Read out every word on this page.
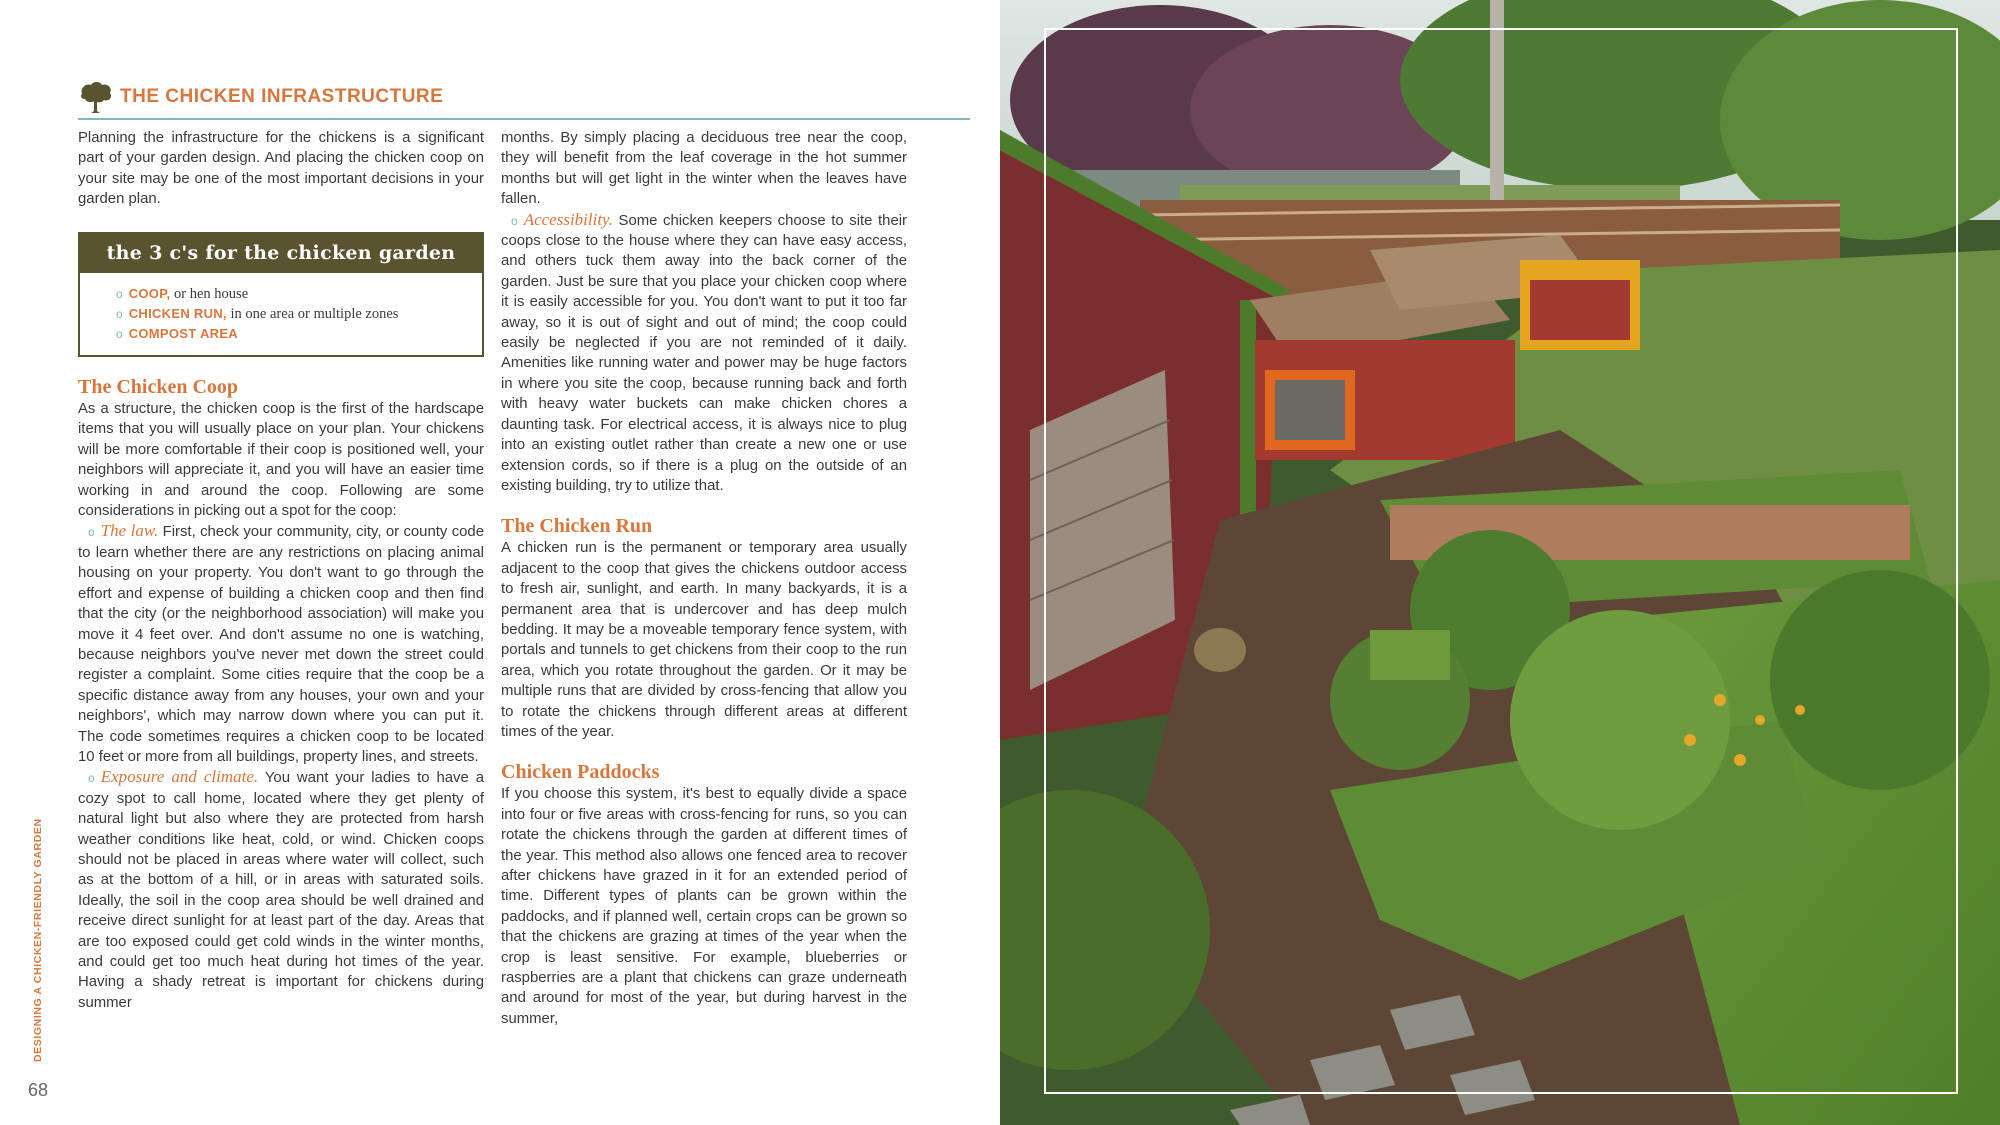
THE CHICKEN INFRASTRUCTURE

Planning the infrastructure for the chickens is a significant part of your garden design. And placing the chicken coop on your site may be one of the most important decisions in your garden plan.

the 3 c's for the chicken garden
o COOP, or hen house
o CHICKEN RUN, in one area or multiple zones
o COMPOST AREA
The Chicken Coop

As a structure, the chicken coop is the first of the hardscape items that you will usually place on your plan. Your chickens will be more comfortable if their coop is positioned well, your neighbors will appreciate it, and you will have an easier time working in and around the coop. Following are some considerations in picking out a spot for the coop:

o The law. First, check your community, city, or county code to learn whether there are any restrictions on placing animal housing on your property. You don't want to go through the effort and expense of building a chicken coop and then find that the city (or the neighborhood association) will make you move it 4 feet over. And don't assume no one is watching, because neighbors you've never met down the street could register a complaint. Some cities require that the coop be a specific distance away from any houses, your own and your neighbors', which may narrow down where you can put it. The code sometimes requires a chicken coop to be located 10 feet or more from all buildings, property lines, and streets.

o Exposure and climate. You want your ladies to have a cozy spot to call home, located where they get plenty of natural light but also where they are protected from harsh weather conditions like heat, cold, or wind. Chicken coops should not be placed in areas where water will collect, such as at the bottom of a hill, or in areas with saturated soils. Ideally, the soil in the coop area should be well drained and receive direct sunlight for at least part of the day. Areas that are too exposed could get cold winds in the winter months, and could get too much heat during hot times of the year. Having a shady retreat is important for chickens during summer

months. By simply placing a deciduous tree near the coop, they will benefit from the leaf coverage in the hot summer months but will get light in the winter when the leaves have fallen.

o Accessibility. Some chicken keepers choose to site their coops close to the house where they can have easy access, and others tuck them away into the back corner of the garden. Just be sure that you place your chicken coop where it is easily accessible for you. You don't want to put it too far away, so it is out of sight and out of mind; the coop could easily be neglected if you are not reminded of it daily. Amenities like running water and power may be huge factors in where you site the coop, because running back and forth with heavy water buckets can make chicken chores a daunting task. For electrical access, it is always nice to plug into an existing outlet rather than create a new one or use extension cords, so if there is a plug on the outside of an existing building, try to utilize that.

The Chicken Run

A chicken run is the permanent or temporary area usually adjacent to the coop that gives the chickens outdoor access to fresh air, sunlight, and earth. In many backyards, it is a permanent area that is undercover and has deep mulch bedding. It may be a moveable temporary fence system, with portals and tunnels to get chickens from their coop to the run area, which you rotate throughout the garden. Or it may be multiple runs that are divided by cross-fencing that allow you to rotate the chickens through different areas at different times of the year.

Chicken Paddocks

If you choose this system, it's best to equally divide a space into four or five areas with cross-fencing for runs, so you can rotate the chickens through the garden at different times of the year. This method also allows one fenced area to recover after chickens have grazed in it for an extended period of time. Different types of plants can be grown within the paddocks, and if planned well, certain crops can be grown so that the chickens are grazing at times of the year when the crop is least sensitive. For example, blueberries or raspberries are a plant that chickens can graze underneath and around for most of the year, but during harvest in the summer,

DESIGNING A CHICKEN-FRIENDLY GARDEN
68
